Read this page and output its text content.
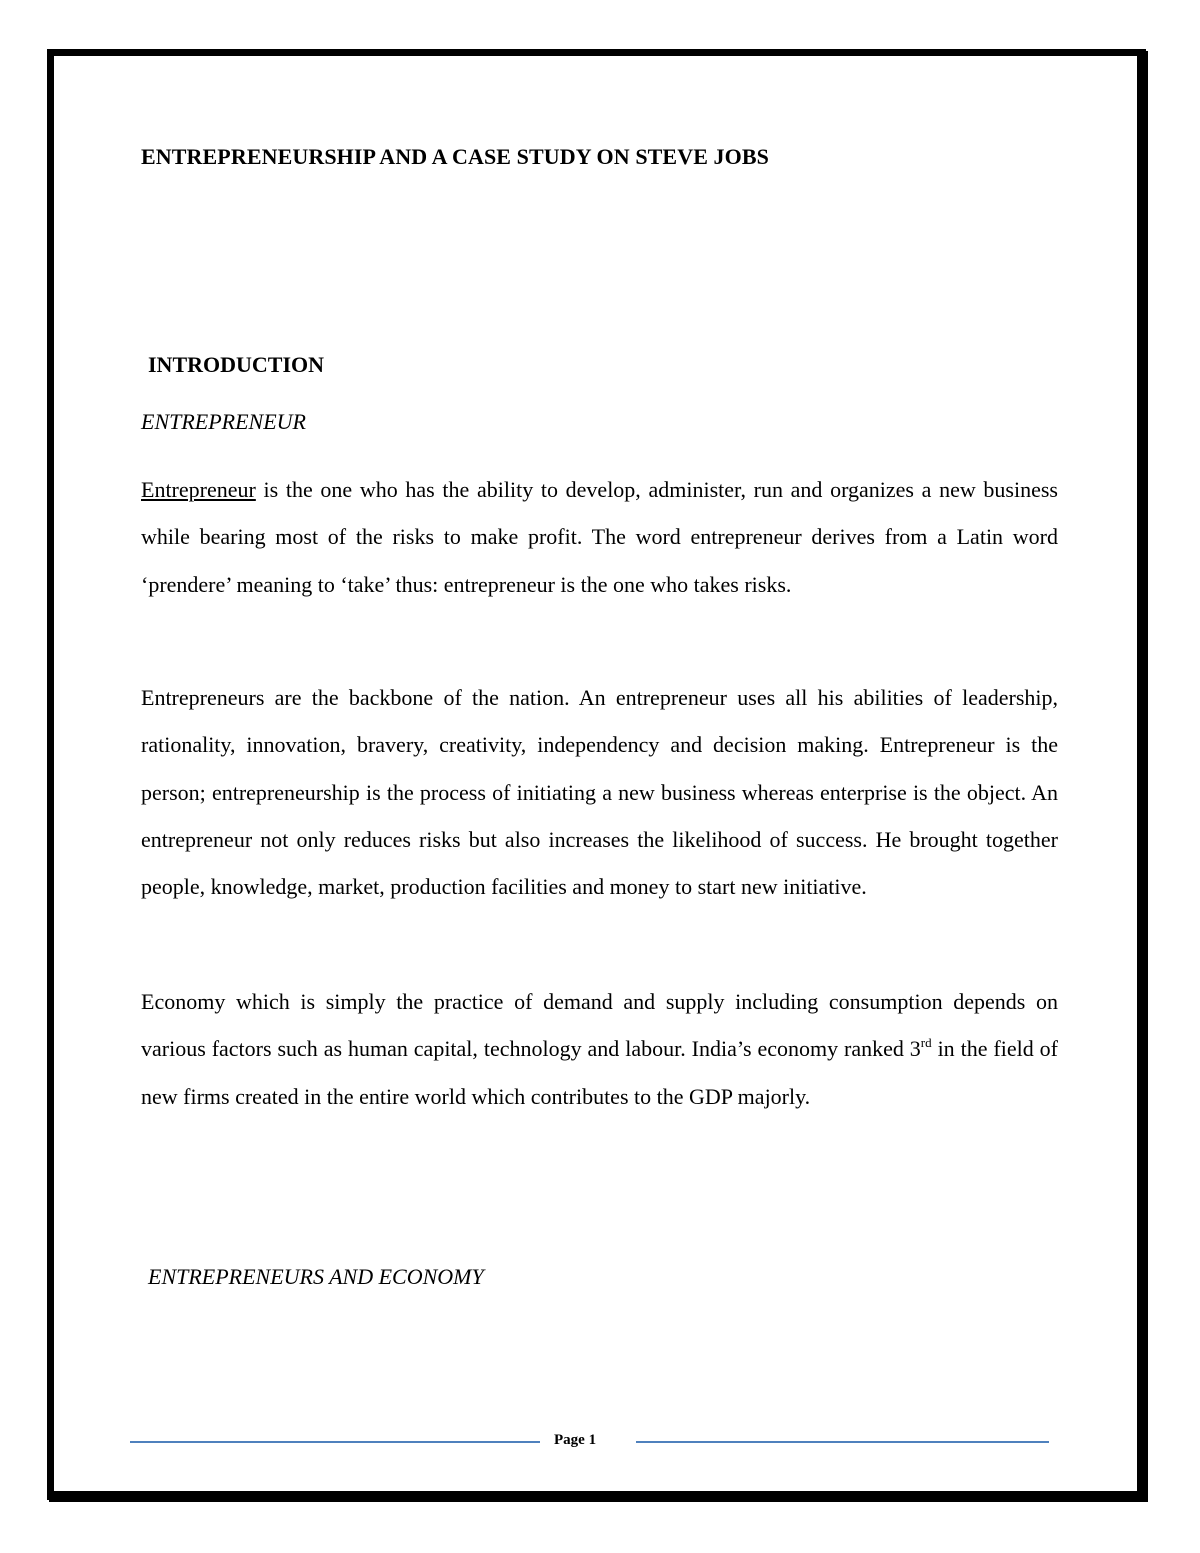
ENTREPRENEURSHIP AND A CASE STUDY ON STEVE JOBS
INTRODUCTION
ENTREPRENEUR

Entrepreneur is the one who has the ability to develop, administer, run and organizes a new business while bearing most of the risks to make profit. The word entrepreneur derives from a Latin word ‘prendere’ meaning to ‘take’ thus: entrepreneur is the one who takes risks.

Entrepreneurs are the backbone of the nation. An entrepreneur uses all his abilities of leadership, rationality, innovation, bravery, creativity, independency and decision making. Entrepreneur is the person; entrepreneurship is the process of initiating a new business whereas enterprise is the object. An entrepreneur not only reduces risks but also increases the likelihood of success. He brought together people, knowledge, market, production facilities and money to start new initiative.

Economy which is simply the practice of demand and supply including consumption depends on various factors such as human capital, technology and labour. India’s economy ranked 3rd in the field of new firms created in the entire world which contributes to the GDP majorly.

ENTREPRENEURS AND ECONOMY
Page 1
